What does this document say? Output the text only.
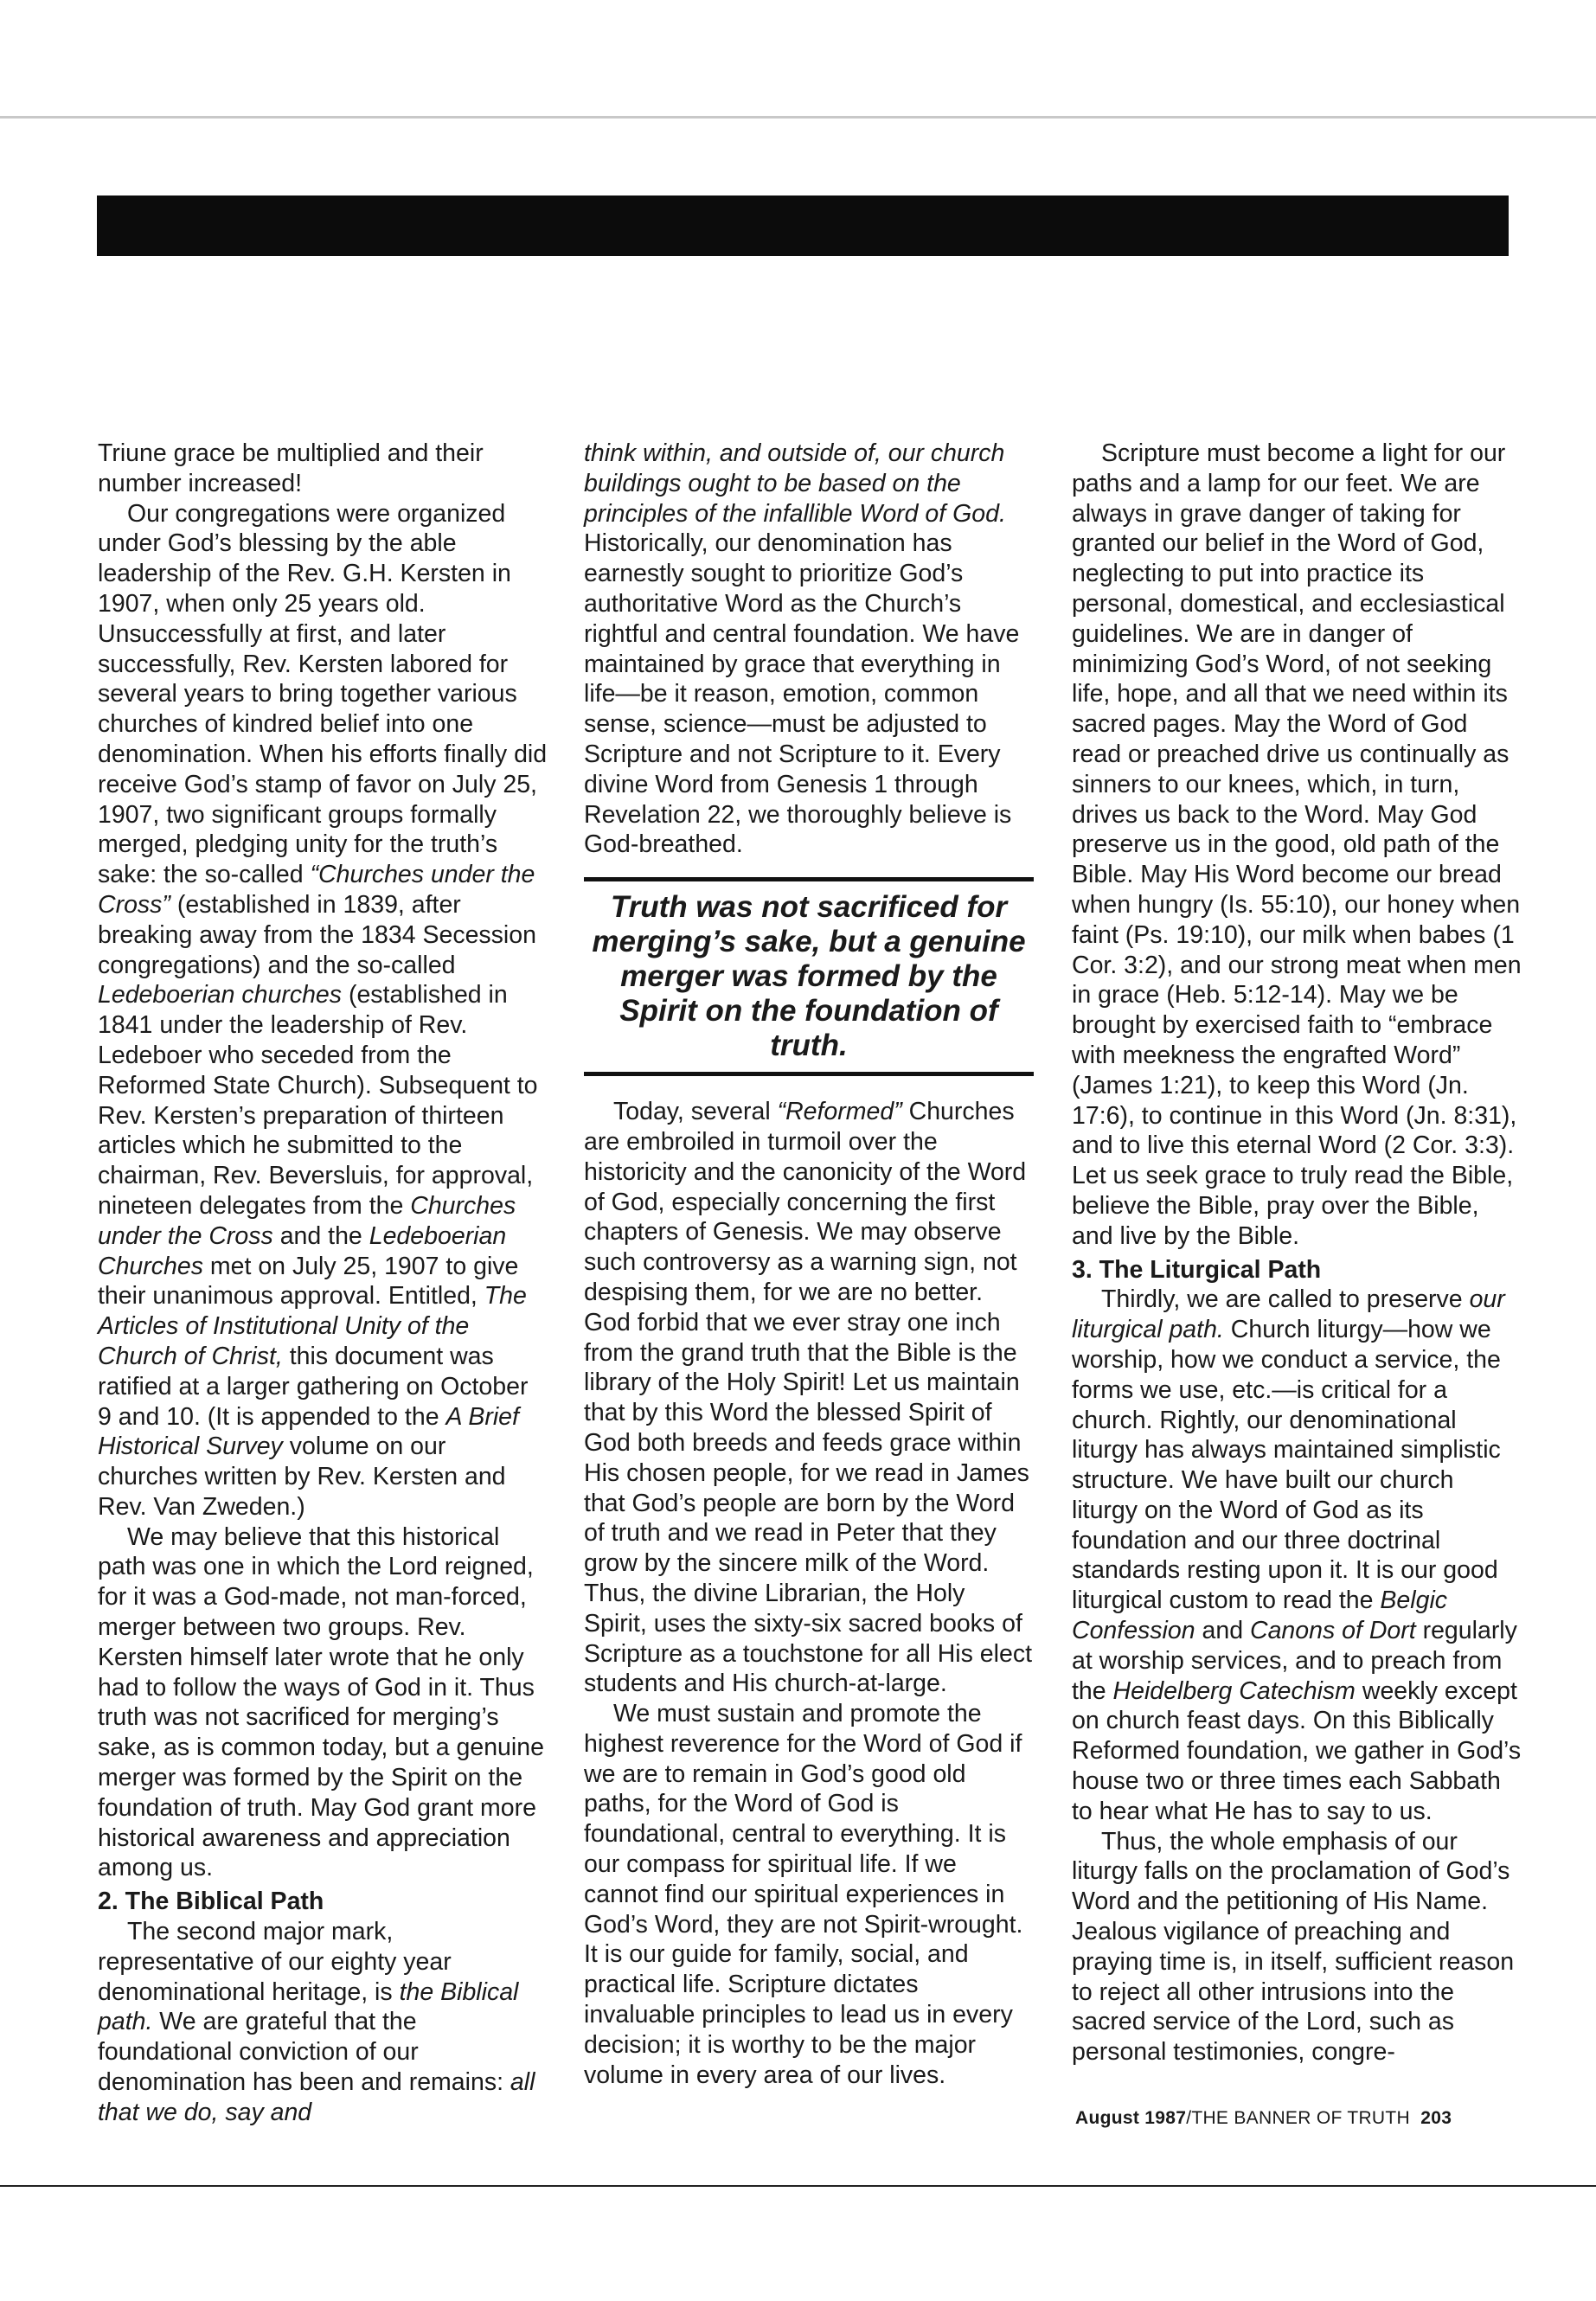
Triune grace be multiplied and their number increased!

Our congregations were organized under God’s blessing by the able leadership of the Rev. G.H. Kersten in 1907, when only 25 years old. Unsuccessfully at first, and later successfully, Rev. Kersten labored for several years to bring together various churches of kindred belief into one denomination. When his efforts finally did receive God’s stamp of favor on July 25, 1907, two significant groups formally merged, pledging unity for the truth’s sake: the so-called “Churches under the Cross” (established in 1839, after breaking away from the 1834 Secession congregations) and the so-called Ledeboerian churches (established in 1841 under the leadership of Rev. Ledeboer who seceded from the Reformed State Church). Subsequent to Rev. Kersten’s preparation of thirteen articles which he submitted to the chairman, Rev. Beversluis, for approval, nineteen delegates from the Churches under the Cross and the Ledeboerian Churches met on July 25, 1907 to give their unanimous approval. Entitled, The Articles of Institutional Unity of the Church of Christ, this document was ratified at a larger gathering on October 9 and 10. (It is appended to the A Brief Historical Survey volume on our churches written by Rev. Kersten and Rev. Van Zweden.)

We may believe that this historical path was one in which the Lord reigned, for it was a God-made, not man-forced, merger between two groups. Rev. Kersten himself later wrote that he only had to follow the ways of God in it. Thus truth was not sacrificed for merging’s sake, as is common today, but a genuine merger was formed by the Spirit on the foundation of truth. May God grant more historical awareness and appreciation among us.

2. The Biblical Path

The second major mark, representative of our eighty year denominational heritage, is the Biblical path. We are grateful that the foundational conviction of our denomination has been and remains: all that we do, say and

think within, and outside of, our church buildings ought to be based on the principles of the infallible Word of God. Historically, our denomination has earnestly sought to prioritize God’s authoritative Word as the Church’s rightful and central foundation. We have maintained by grace that everything in life—be it reason, emotion, common sense, science—must be adjusted to Scripture and not Scripture to it. Every divine Word from Genesis 1 through Revelation 22, we thoroughly believe is God-breathed.

Truth was not sacrificed for merging’s sake, but a genuine merger was formed by the Spirit on the foundation of truth.

Today, several “Reformed” Churches are embroiled in turmoil over the historicity and the canonicity of the Word of God, especially concerning the first chapters of Genesis. We may observe such controversy as a warning sign, not despising them, for we are no better. God forbid that we ever stray one inch from the grand truth that the Bible is the library of the Holy Spirit! Let us maintain that by this Word the blessed Spirit of God both breeds and feeds grace within His chosen people, for we read in James that God’s people are born by the Word of truth and we read in Peter that they grow by the sincere milk of the Word. Thus, the divine Librarian, the Holy Spirit, uses the sixty-six sacred books of Scripture as a touchstone for all His elect students and His church-at-large.

We must sustain and promote the highest reverence for the Word of God if we are to remain in God’s good old paths, for the Word of God is foundational, central to everything. It is our compass for spiritual life. If we cannot find our spiritual experiences in God’s Word, they are not Spirit-wrought. It is our guide for family, social, and practical life. Scripture dictates invaluable principles to lead us in every decision; it is worthy to be the major volume in every area of our lives.

Scripture must become a light for our paths and a lamp for our feet. We are always in grave danger of taking for granted our belief in the Word of God, neglecting to put into practice its personal, domestical, and ecclesiastical guidelines. We are in danger of minimizing God’s Word, of not seeking life, hope, and all that we need within its sacred pages. May the Word of God read or preached drive us continually as sinners to our knees, which, in turn, drives us back to the Word. May God preserve us in the good, old path of the Bible. May His Word become our bread when hungry (Is. 55:10), our honey when faint (Ps. 19:10), our milk when babes (1 Cor. 3:2), and our strong meat when men in grace (Heb. 5:12-14). May we be brought by exercised faith to “embrace with meekness the engrafted Word” (James 1:21), to keep this Word (Jn. 17:6), to continue in this Word (Jn. 8:31), and to live this eternal Word (2 Cor. 3:3). Let us seek grace to truly read the Bible, believe the Bible, pray over the Bible, and live by the Bible.

3. The Liturgical Path

Thirdly, we are called to preserve our liturgical path. Church liturgy—how we worship, how we conduct a service, the forms we use, etc.—is critical for a church. Rightly, our denominational liturgy has always maintained simplistic structure. We have built our church liturgy on the Word of God as its foundation and our three doctrinal standards resting upon it. It is our good liturgical custom to read the Belgic Confession and Canons of Dort regularly at worship services, and to preach from the Heidelberg Catechism weekly except on church feast days. On this Biblically Reformed foundation, we gather in God’s house two or three times each Sabbath to hear what He has to say to us.

Thus, the whole emphasis of our liturgy falls on the proclamation of God’s Word and the petitioning of His Name. Jealous vigilance of preaching and praying time is, in itself, sufficient reason to reject all other intrusions into the sacred service of the Lord, such as personal testimonies, congre-

August 1987/THE BANNER OF TRUTH 203
